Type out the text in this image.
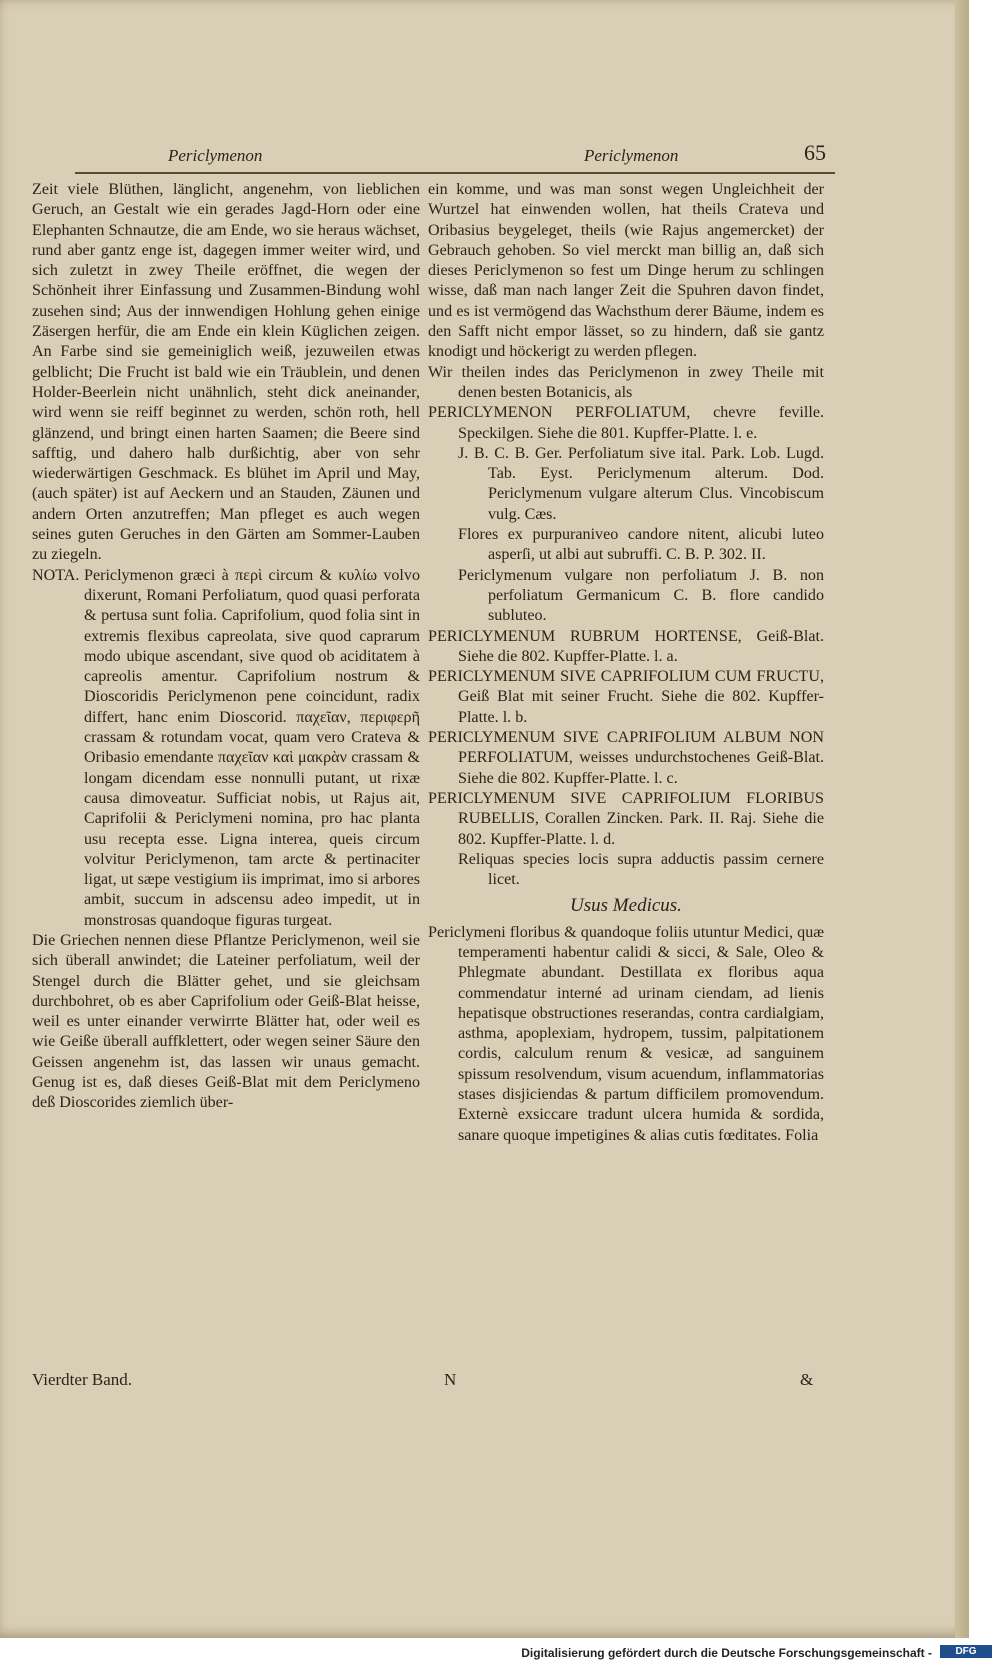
Periclymenon	Periclymenon	65

Zeit viele Blüthen, länglicht, angenehm, von lieblichen Geruch, an Gestalt wie ein gerades Jagd-Horn oder eine Elephanten Schnautze, die am Ende, wo sie heraus wächset, rund aber gantz enge ist, dagegen immer weiter wird, und sich zuletzt in zwey Theile eröffnet, die wegen der Schönheit ihrer Einfassung und Zusammen-Bindung wohl zusehen sind; Aus der innwendigen Hohlung gehen einige Zäsergen herfür, die am Ende ein klein Küglichen zeigen. An Farbe sind sie gemeiniglich weiß, jezuweilen etwas gelblicht; Die Frucht ist bald wie ein Träublein, und denen Holder-Beerlein nicht unähnlich, steht dick aneinander, wird wenn sie reiff beginnet zu werden, schön roth, hell glänzend, und bringt einen harten Saamen; die Beere sind safftig, und dahero halb durßichtig, aber von sehr wiederwärtigen Geschmack. Es blühet im April und May, (auch später) ist auf Aeckern und an Stauden, Zäunen und andern Orten anzutreffen; Man pfleget es auch wegen seines guten Geruches in den Gärten am Sommer-Lauben zu ziegeln.

NOTA. Periclymenon græci à περὶ circum & κυλίω volvo dixerunt, Romani Perfoliatum, quod quasi perforata & pertusa sunt folia. Caprifolium, quod folia sint in extremis flexibus capreolata, sive quod caprarum modo ubique ascendant, sive quod ob aciditatem à capreolis amentur. Caprifolium nostrum & Dioscoridis Periclymenon pene coincidunt, radix differt, hanc enim Dioscorid. παχεῖαν, περιφερῆ crassam & rotundam vocat, quam vero Crateva & Oribasio emendante παχεῖαν καὶ μακρὰν crassam & longam dicendam esse nonnulli putant, ut rixæ causa dimoveatur. Sufficiat nobis, ut Rajus ait, Caprifolii & Periclymeni nomina, pro hac planta usu recepta esse. Ligna interea, queis circum volvitur Periclymenon, tam arcte & pertinaciter ligat, ut sæpe vestigium iis imprimat, imo si arbores ambit, succum in adscensu adeo impedit, ut in monstrosas quandoque figuras turgeat.

Die Griechen nennen diese Pflantze Periclymenon, weil sie sich überall anwindet; die Lateiner perfoliatum, weil der Stengel durch die Blätter gehet, und sie gleichsam durchbohret, ob es aber Caprifolium oder Geiß-Blat heisse, weil es unter einander verwirrte Blätter hat, oder weil es wie Geiße überall auffklettert, oder wegen seiner Säure den Geissen angenehm ist, das lassen wir unaus gemacht. Genug ist es, daß dieses Geiß-Blat mit dem Periclymeno deß Dioscorides ziemlich über-

ein komme, und was man sonst wegen Ungleichheit der Wurtzel hat einwenden wollen, hat theils Crateva und Oribasius beygeleget, theils (wie Rajus angemercket) der Gebrauch gehoben. So viel merckt man billig an, daß sich dieses Periclymenon so fest um Dinge herum zu schlingen wisse, daß man nach langer Zeit die Spuhren davon findet, und es ist vermögend das Wachsthum derer Bäume, indem es den Safft nicht empor lässet, so zu hindern, daß sie gantz knodigt und höckerigt zu werden pflegen.

Wir theilen indes das Periclymenon in zwey Theile mit denen besten Botanicis, als

PERICLYMENON PERFOLIATUM, chevre feville. Speckilgen. Siehe die 801. Kupffer-Platte. l. e.

J. B. C. B. Ger. Perfoliatum sive ital. Park. Lob. Lugd. Tab. Eyst. Periclymenum alterum. Dod. Periclymenum vulgare alterum Clus. Vincobiscum vulg. Cæs.

Flores ex purpuraniveo candore nitent, alicubi luteo asperſi, ut albi aut subruffi. C. B. P. 302. II.

Periclymenum vulgare non perfoliatum J. B. non perfoliatum Germanicum C. B. flore candido subluteo.

PERICLYMENUM RUBRUM HORTENSE, Geiß-Blat. Siehe die 802. Kupffer-Platte. l. a.

PERICLYMENUM SIVE CAPRIFOLIUM CUM FRUCTU, Geiß Blat mit seiner Frucht. Siehe die 802. Kupffer-Platte. l. b.

PERICLYMENUM SIVE CAPRIFOLIUM ALBUM NON PERFOLIATUM, weisses undurchstochenes Geiß-Blat. Siehe die 802. Kupffer-Platte. l. c.

PERICLYMENUM SIVE CAPRIFOLIUM FLORIBUS RUBELLIS, Corallen Zincken. Park. II. Raj. Siehe die 802. Kupffer-Platte. l. d.

Reliquas species locis supra adductis passim cernere licet.

Usus Medicus.

Periclymeni floribus & quandoque foliis utuntur Medici, quæ temperamenti habentur calidi & sicci, & Sale, Oleo & Phlegmate abundant. Destillata ex floribus aqua commendatur interné ad urinam ciendam, ad lienis hepatisque obstructiones reserandas, contra cardialgiam, asthma, apoplexiam, hydropem, tussim, palpitationem cordis, calculum renum & vesicæ, ad sanguinem spissum resolvendum, visum acuendum, inflammatorias stases disjiciendas & partum difficilem promovendum. Externè exsiccare tradunt ulcera humida & sordida, sanare quoque impetigines & alias cutis fœditates. Folia

Vierdter Band.	N	&
Digitalisierung gefördert durch die Deutsche Forschungsgemeinschaft -	DFG
